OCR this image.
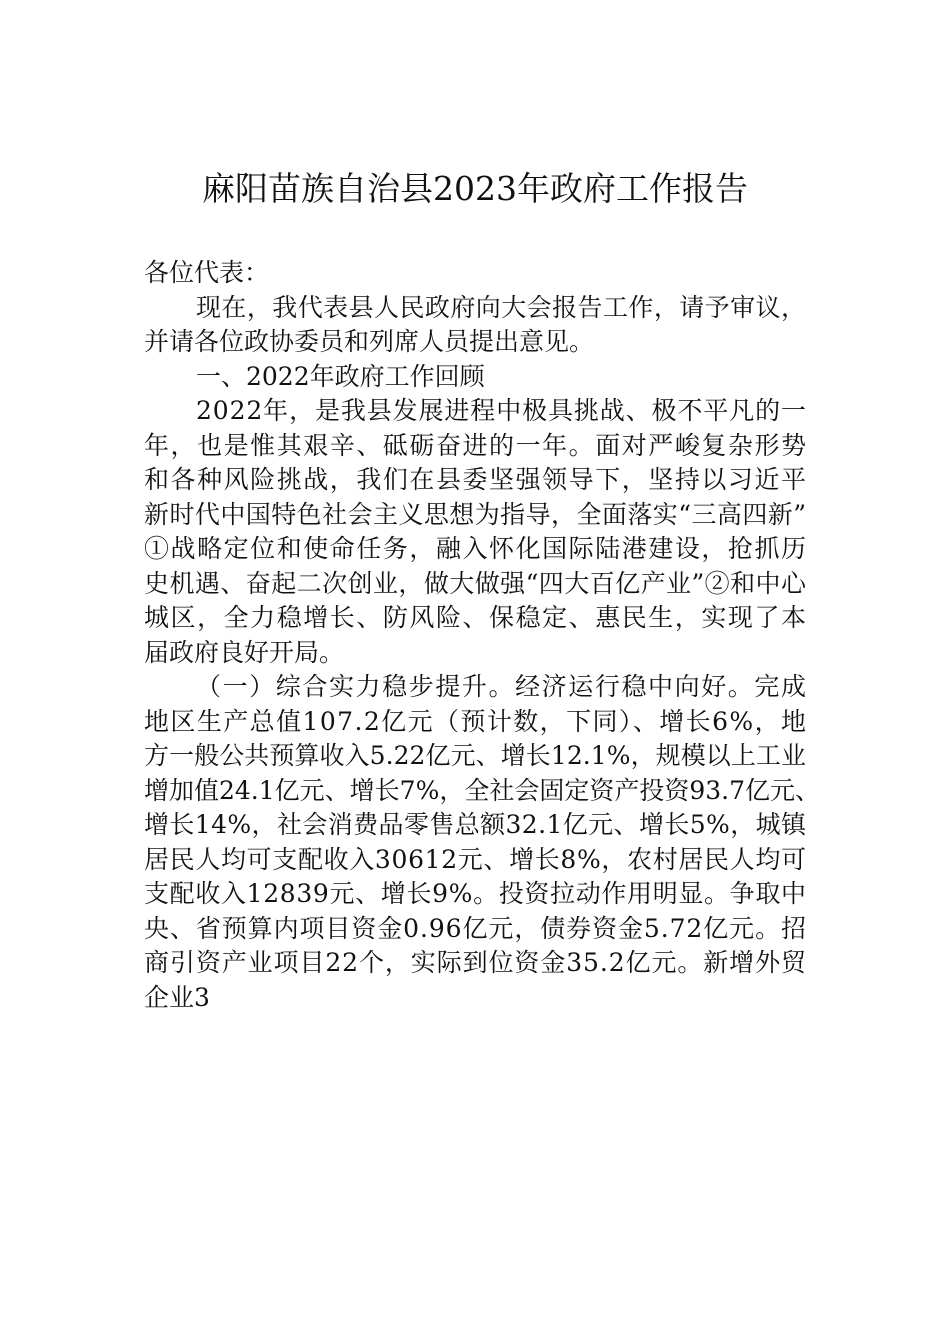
麻阳苗族自治县2023年政府工作报告
各位代表：
现在，我代表县人民政府向大会报告工作，请予审议，
并请各位政协委员和列席人员提出意见。
一、2022年政府工作回顾
2022年，是我县发展进程中极具挑战、极不平凡的一
年，也是惟其艰辛、砥砺奋进的一年。面对严峻复杂形势
和各种风险挑战，我们在县委坚强领导下，坚持以习近平
新时代中国特色社会主义思想为指导，全面落实“三高四新”
①战略定位和使命任务，融入怀化国际陆港建设，抢抓历
史机遇、奋起二次创业，做大做强“四大百亿产业”②和中心
城区，全力稳增长、防风险、保稳定、惠民生，实现了本
届政府良好开局。
（一）综合实力稳步提升。经济运行稳中向好。完成
地区生产总值107.2亿元（预计数，下同）、增长6%，地
方一般公共预算收入5.22亿元、增长12.1%，规模以上工业
增加值24.1亿元、增长7%，全社会固定资产投资93.7亿元、
增长14%，社会消费品零售总额32.1亿元、增长5%，城镇
居民人均可支配收入30612元、增长8%，农村居民人均可
支配收入12839元、增长9%。投资拉动作用明显。争取中
央、省预算内项目资金0.96亿元，债券资金5.72亿元。招
商引资产业项目22个，实际到位资金35.2亿元。新增外贸
企业3
